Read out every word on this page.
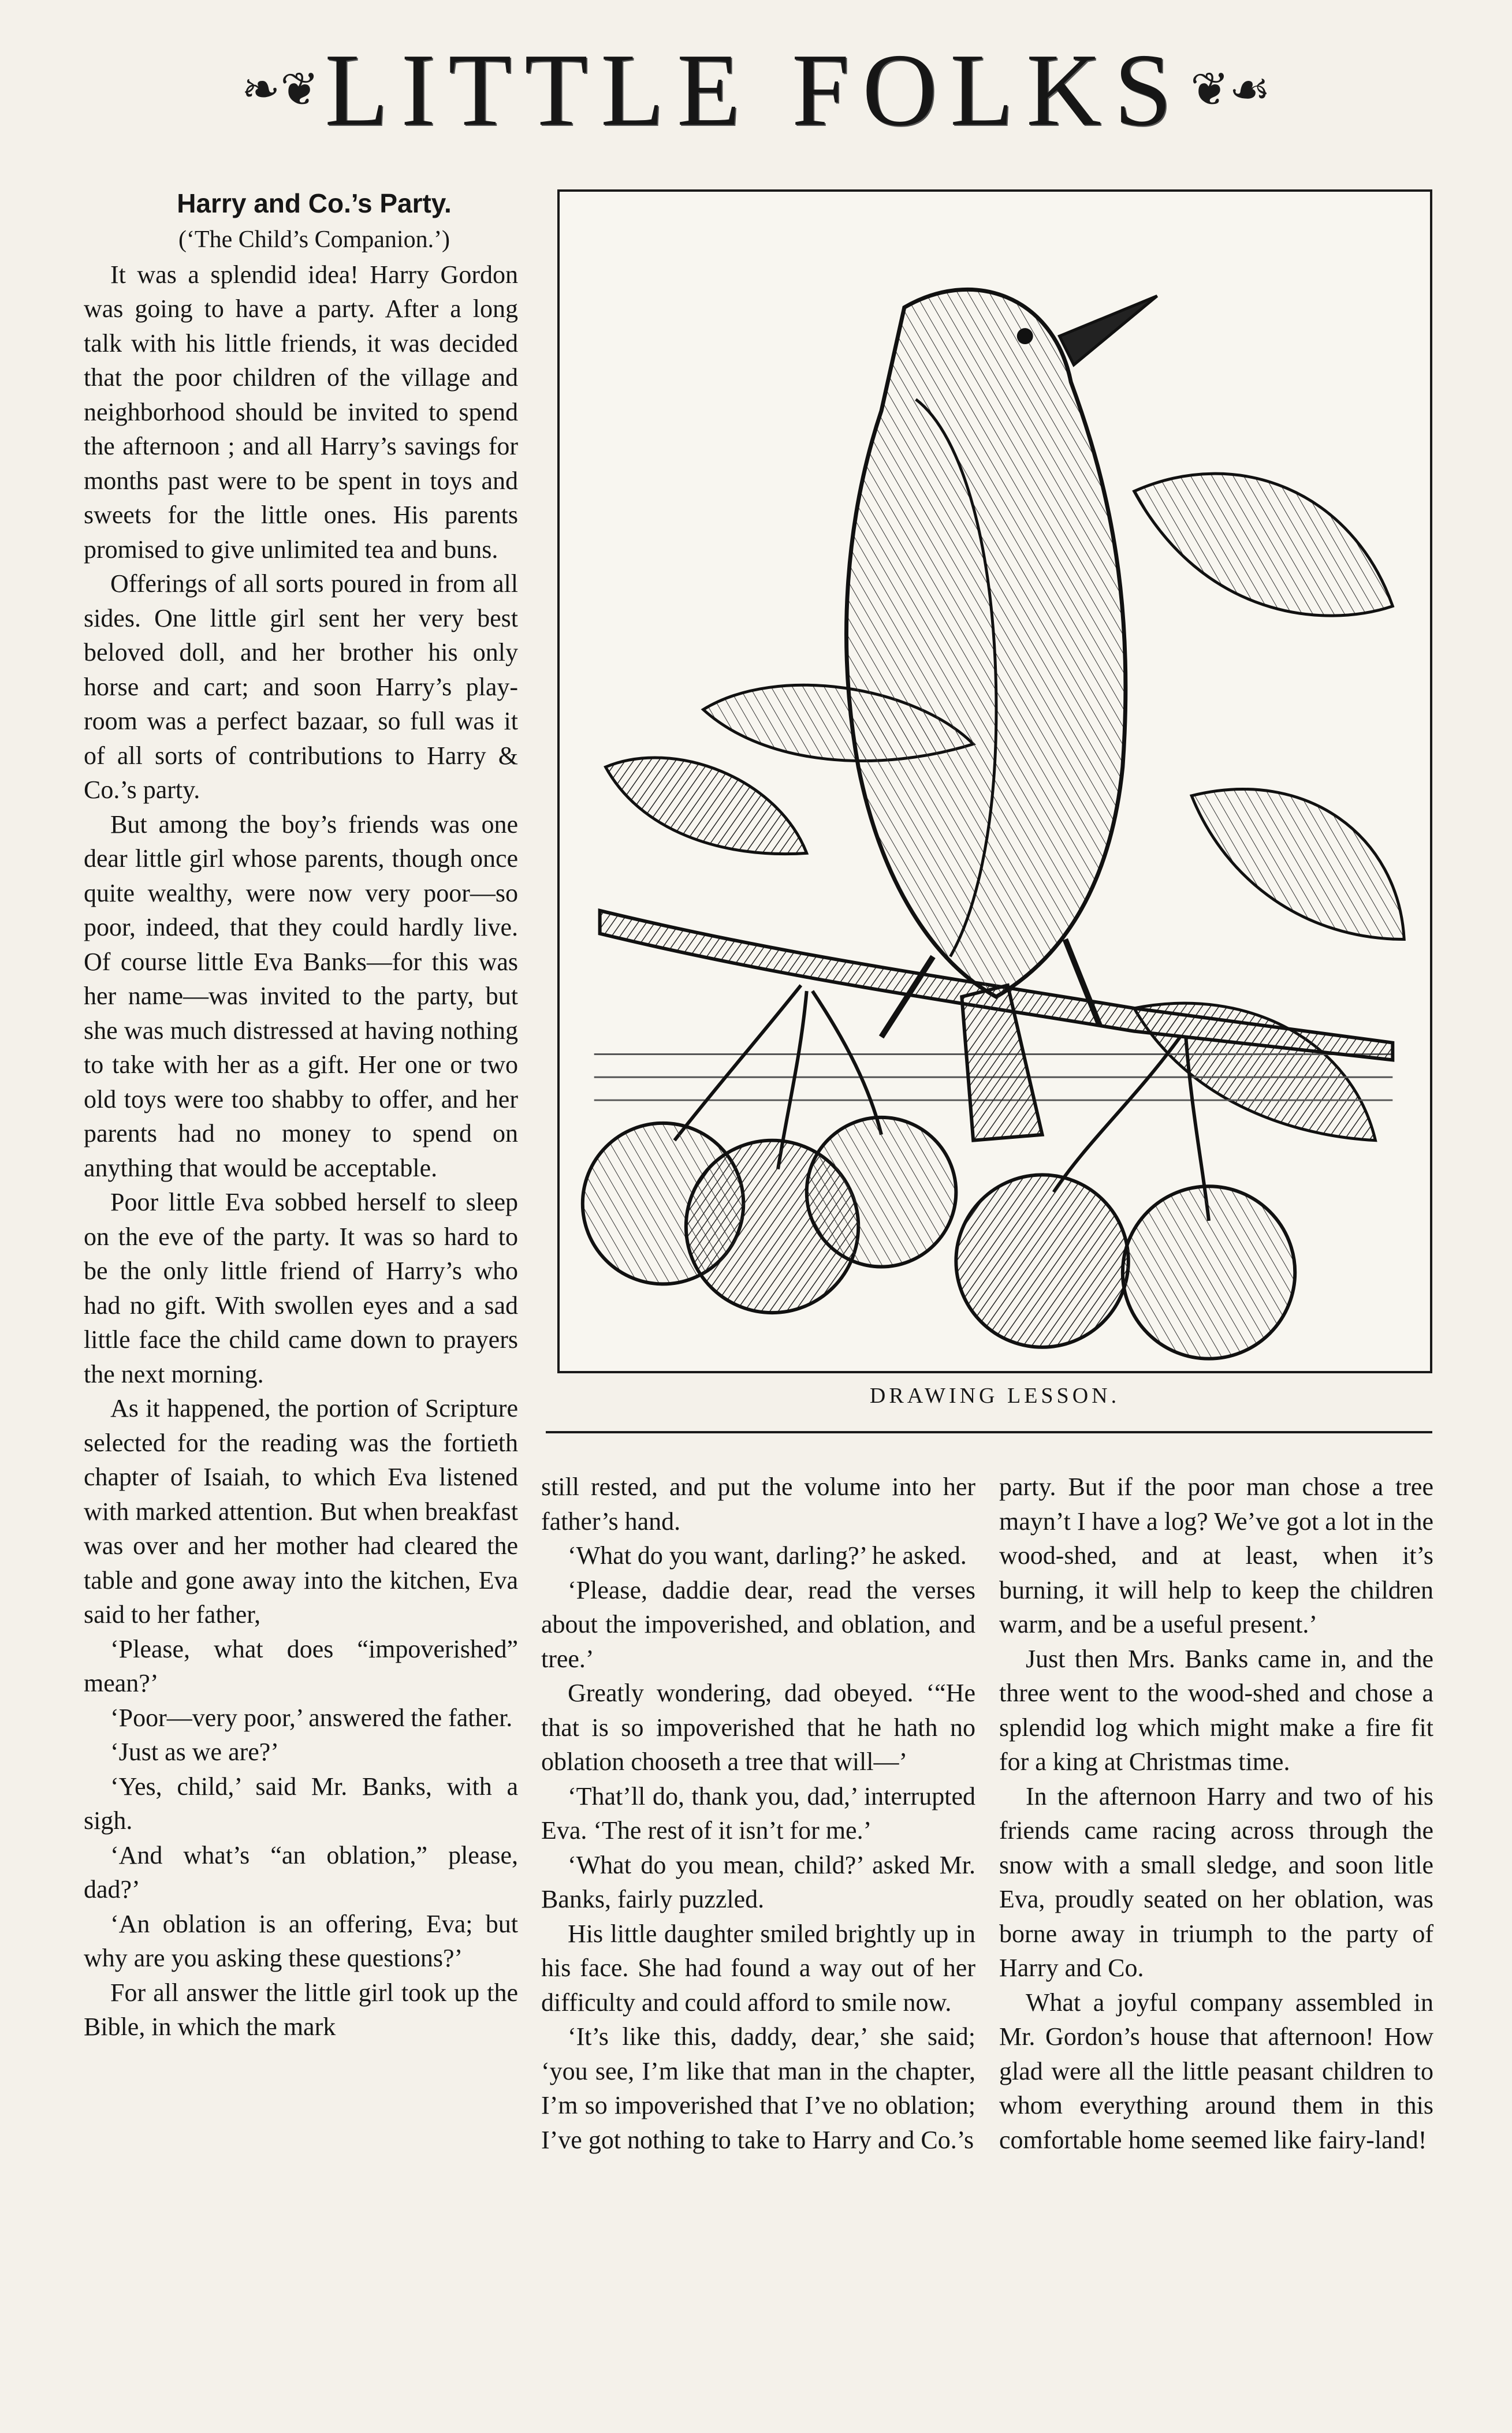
❧❦ LITTLE FOLKS ❦☙

Harry and Co.’s Party.

(‘The Child’s Companion.’)

It was a splendid idea! Harry Gordon was going to have a party. After a long talk with his little friends, it was decided that the poor children of the village and neighborhood should be invited to spend the afternoon ; and all Harry’s savings for months past were to be spent in toys and sweets for the little ones. His parents promised to give unlimited tea and buns.

Offerings of all sorts poured in from all sides. One little girl sent her very best beloved doll, and her brother his only horse and cart; and soon Harry’s play-room was a perfect bazaar, so full was it of all sorts of contributions to Harry & Co.’s party.

But among the boy’s friends was one dear little girl whose parents, though once quite wealthy, were now very poor—so poor, indeed, that they could hardly live. Of course little Eva Banks—for this was her name—was invited to the party, but she was much distressed at having nothing to take with her as a gift. Her one or two old toys were too shabby to offer, and her parents had no money to spend on anything that would be acceptable.

Poor little Eva sobbed herself to sleep on the eve of the party. It was so hard to be the only little friend of Harry’s who had no gift. With swollen eyes and a sad little face the child came down to prayers the next morning.

As it happened, the portion of Scripture selected for the reading was the fortieth chapter of Isaiah, to which Eva listened with marked attention. But when breakfast was over and her mother had cleared the table and gone away into the kitchen, Eva said to her father,

‘Please, what does “impoverished” mean?’

‘Poor—very poor,’ answered the father.

‘Just as we are?’

‘Yes, child,’ said Mr. Banks, with a sigh.

‘And what’s “an oblation,” please, dad?’

‘An oblation is an offering, Eva; but why are you asking these questions?’

For all answer the little girl took up the Bible, in which the mark

DRAWING LESSON.

still rested, and put the volume into her father’s hand.

‘What do you want, darling?’ he asked.

‘Please, daddie dear, read the verses about the impoverished, and oblation, and tree.’

Greatly wondering, dad obeyed. ‘“He that is so impoverished that he hath no oblation chooseth a tree that will—’

‘That’ll do, thank you, dad,’ interrupted Eva. ‘The rest of it isn’t for me.’

‘What do you mean, child?’ asked Mr. Banks, fairly puzzled.

His little daughter smiled brightly up in his face. She had found a way out of her difficulty and could afford to smile now.

‘It’s like this, daddy, dear,’ she said; ‘you see, I’m like that man in the chapter, I’m so impoverished that I’ve no oblation; I’ve got nothing to take to Harry and Co.’s

party. But if the poor man chose a tree mayn’t I have a log? We’ve got a lot in the wood-shed, and at least, when it’s burning, it will help to keep the children warm, and be a useful present.’

Just then Mrs. Banks came in, and the three went to the wood-shed and chose a splendid log which might make a fire fit for a king at Christmas time.

In the afternoon Harry and two of his friends came racing across through the snow with a small sledge, and soon litle Eva, proudly seated on her oblation, was borne away in triumph to the party of Harry and Co.

What a joyful company assembled in Mr. Gordon’s house that afternoon! How glad were all the little peasant children to whom everything around them in this comfortable home seemed like fairy-land!
